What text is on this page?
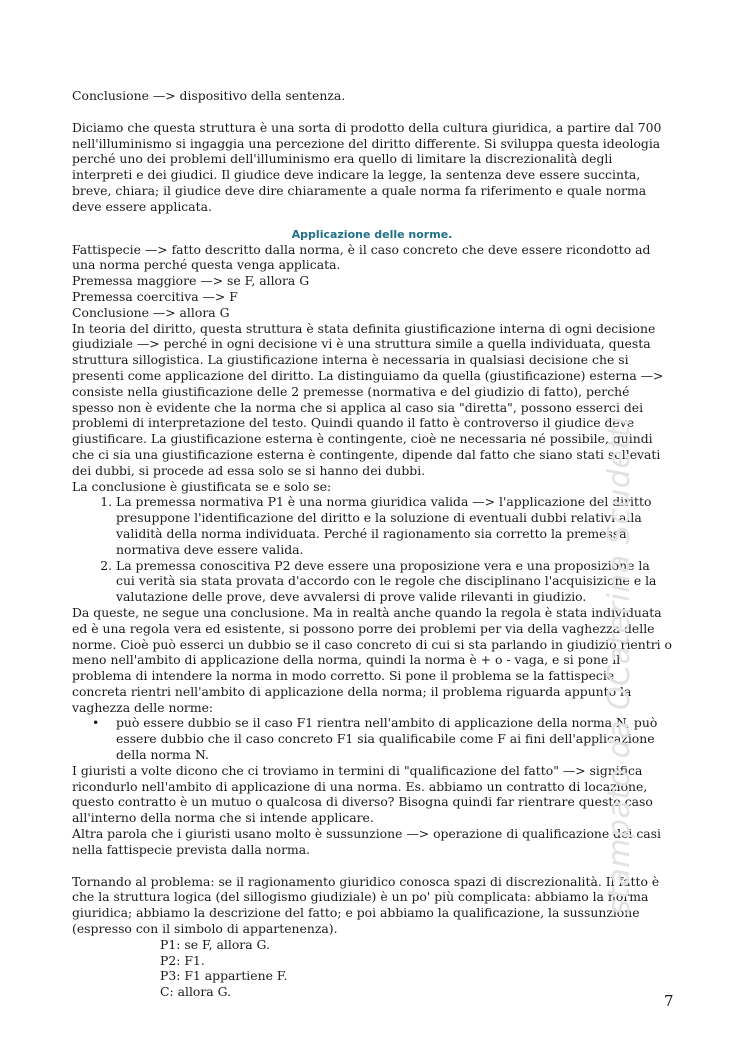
Conclusione —> dispositivo della sentenza.

Diciamo che questa struttura è una sorta di prodotto della cultura giuridica, a partire dal 700 nell'illuminismo si ingaggia una percezione del diritto differente. Si sviluppa questa ideologia perché uno dei problemi dell'illuminismo era quello di limitare la discrezionalità degli interpreti e dei giudici. Il giudice deve indicare la legge, la sentenza deve essere succinta, breve, chiara; il giudice deve dire chiaramente a quale norma fa riferimento e quale norma deve essere applicata.

Applicazione delle norme.

Fattispecie —> fatto descritto dalla norma, è il caso concreto che deve essere ricondotto ad una norma perché questa venga applicata.

Premessa maggiore —> se F, allora G

Premessa coercitiva —> F

Conclusione —> allora G

In teoria del diritto, questa struttura è stata definita giustificazione interna di ogni decisione giudiziale —> perché in ogni decisione vi è una struttura simile a quella individuata, questa struttura sillogistica. La giustificazione interna è necessaria in qualsiasi decisione che si presenti come applicazione del diritto. La distinguiamo da quella (giustificazione) esterna —> consiste nella giustificazione delle 2 premesse (normativa e del giudizio di fatto), perché spesso non è evidente che la norma che si applica al caso sia "diretta", possono esserci dei problemi di interpretazione del testo. Quindi quando il fatto è controverso il giudice deve giustificare. La giustificazione esterna è contingente, cioè ne necessaria né possibile, quindi che ci sia una giustificazione esterna è contingente, dipende dal fatto che siano stati sollevati dei dubbi, si procede ad essa solo se si hanno dei dubbi.

La conclusione è giustificata se e solo se:

1. La premessa normativa P1 è una norma giuridica valida —> l'applicazione del diritto presuppone l'identificazione del diritto e la soluzione di eventuali dubbi relativi alla validità della norma individuata. Perché il ragionamento sia corretto la premessa normativa deve essere valida.
2. La premessa conoscitiva P2 deve essere una proposizione vera e una proposizione la cui verità sia stata provata d'accordo con le regole che disciplinano l'acquisizione e la valutazione delle prove, deve avvalersi di prove valide rilevanti in giudizio.

Da queste, ne segue una conclusione. Ma in realtà anche quando la regola è stata individuata ed è una regola vera ed esistente, si possono porre dei problemi per via della vaghezza delle norme. Cioè può esserci un dubbio se il caso concreto di cui si sta parlando in giudizio rientri o meno nell'ambito di applicazione della norma, quindi la norma è + o - vaga, e si pone il problema di intendere la norma in modo corretto. Si pone il problema se la fattispecie concreta rientri nell'ambito di applicazione della norma; il problema riguarda appunto la vaghezza delle norme:

• può essere dubbio se il caso F1 rientra nell'ambito di applicazione della norma N, può essere dubbio che il caso concreto F1 sia qualificabile come F ai fini dell'applicazione della norma N.

I giuristi a volte dicono che ci troviamo in termini di "qualificazione del fatto" —> significa ricondurlo nell'ambito di applicazione di una norma. Es. abbiamo un contratto di locazione, questo contratto è un mutuo o qualcosa di diverso? Bisogna quindi far rientrare questo caso all'interno della norma che si intende applicare.

Altra parola che i giuristi usano molto è sussunzione —> operazione di qualificazione dei casi nella fattispecie prevista dalla norma.

Tornando al problema: se il ragionamento giuridico conosca spazi di discrezionalità. Il fatto è che la struttura logica (del sillogismo giudiziale) è un po' più complicata: abbiamo la norma giuridica; abbiamo la descrizione del fatto; e poi abbiamo la qualificazione, la sussunzione (espresso con il simbolo di appartenenza).

P1: se F, allora G.

P2: F1.

P3: F1 appartiene F.

C: allora G.

stampato da OCaterina Scudetti
7
